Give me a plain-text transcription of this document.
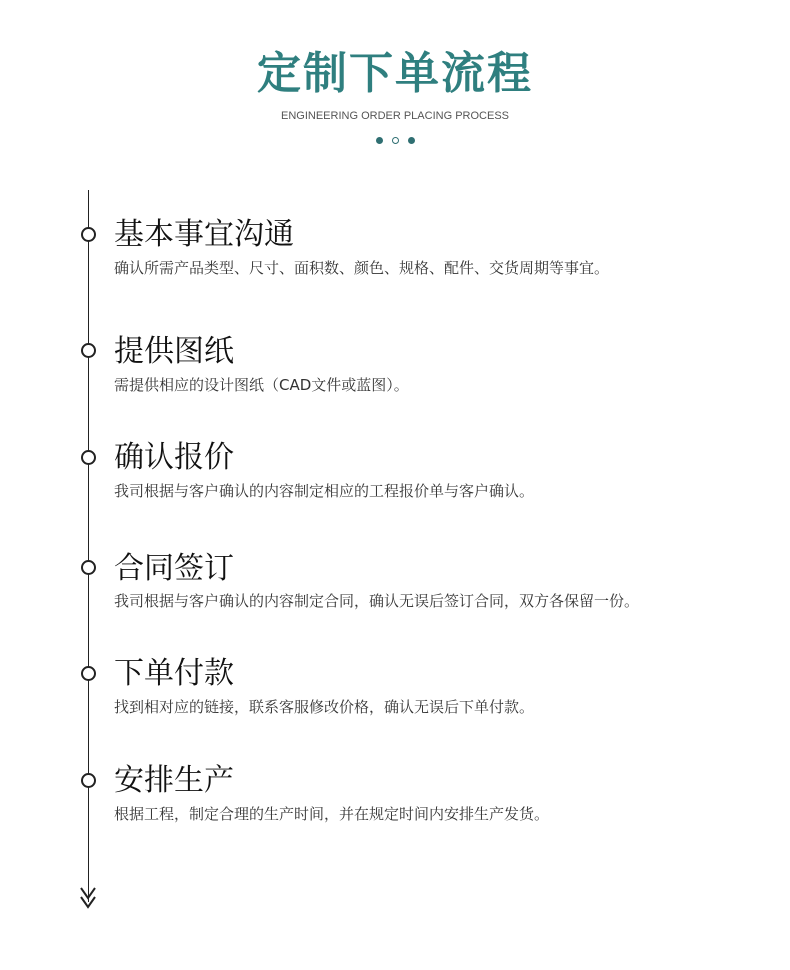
定制下单流程
ENGINEERING ORDER PLACING PROCESS
基本事宜沟通
确认所需产品类型、尺寸、面积数、颜色、规格、配件、交货周期等事宜。
提供图纸
需提供相应的设计图纸（CAD文件或蓝图）。
确认报价
我司根据与客户确认的内容制定相应的工程报价单与客户确认。
合同签订
我司根据与客户确认的内容制定合同，确认无误后签订合同，双方各保留一份。
下单付款
找到相对应的链接，联系客服修改价格，确认无误后下单付款。
安排生产
根据工程，制定合理的生产时间，并在规定时间内安排生产发货。
